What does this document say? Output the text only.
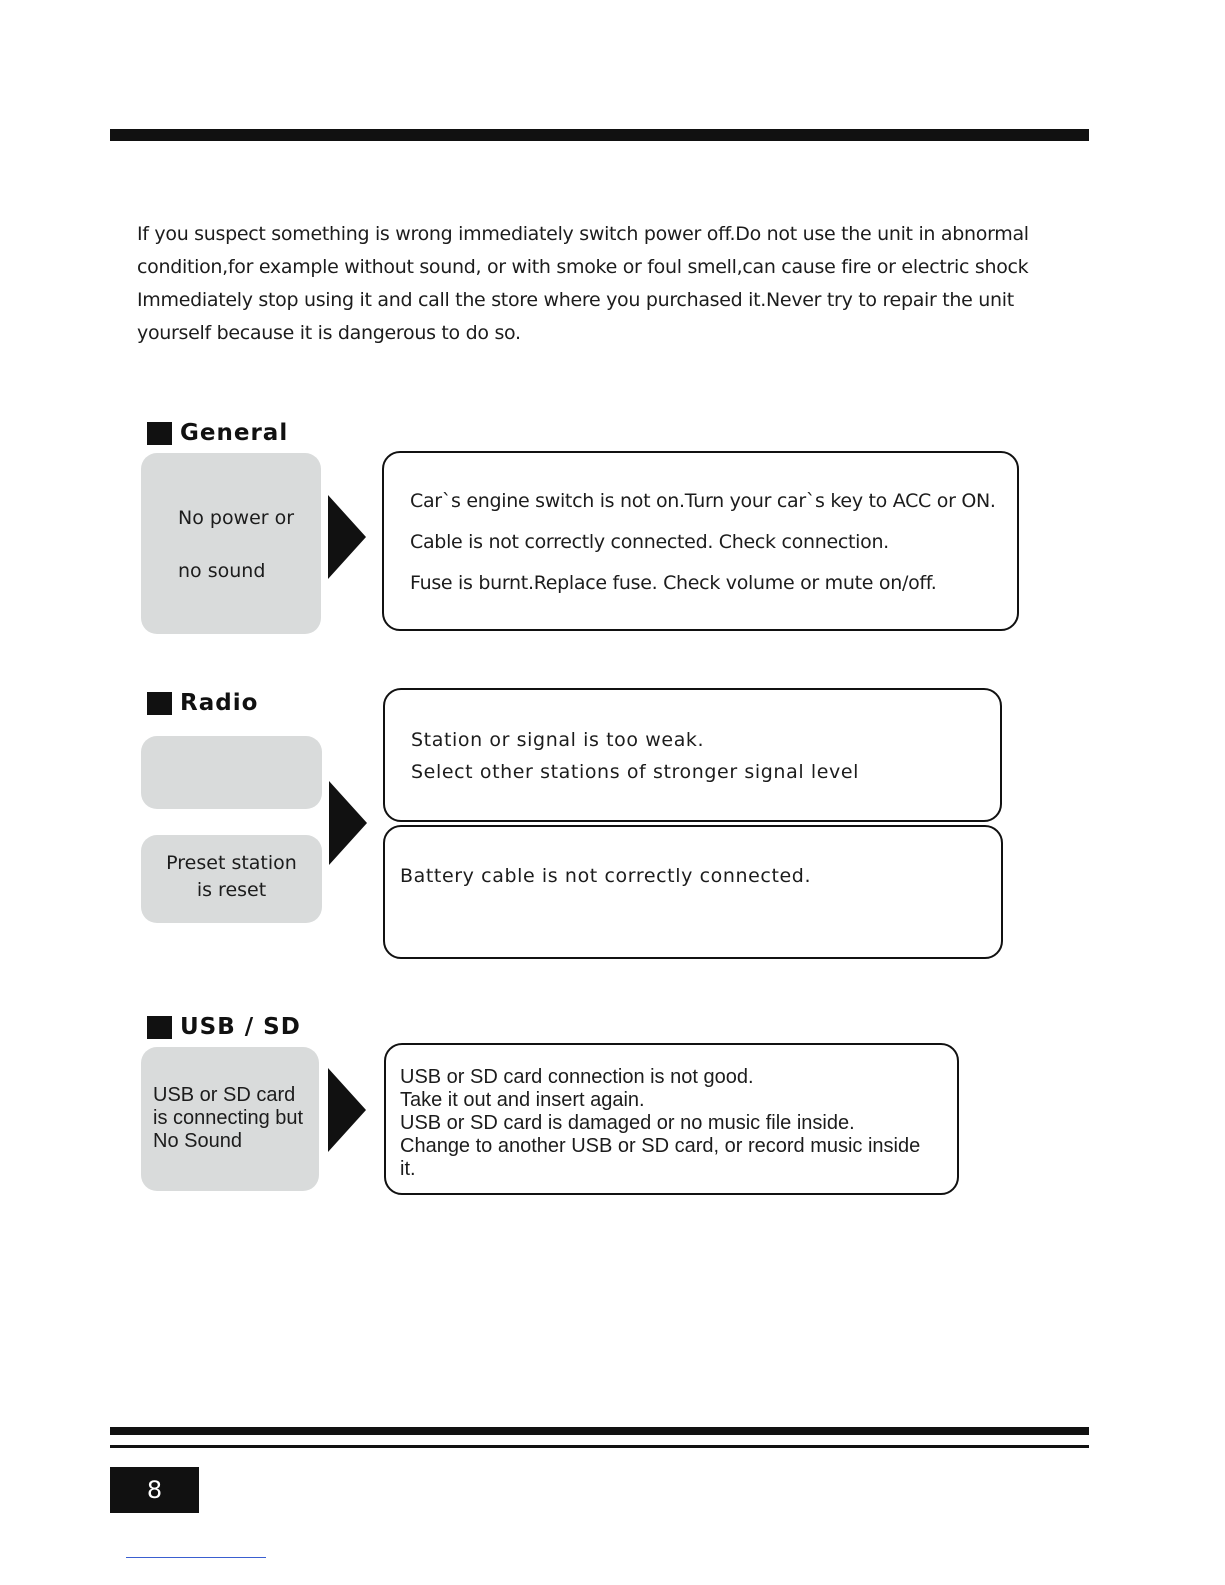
If you suspect something is wrong immediately switch power off.Do not use the unit in abnormal
condition,for example without sound, or with smoke or foul smell,can cause fire or electric shock
Immediately stop using it and call the store where you purchased it.Never try to repair the unit
yourself because it is dangerous to do so.
General
No power or
no sound
Car`s engine switch is not on.Turn your car`s key to ACC or ON.
Cable is not correctly connected. Check connection.
Fuse is burnt.Replace fuse. Check volume or mute on/off.
Radio
Preset station
is reset
Station or signal is too weak.
Select other stations of stronger signal level
Battery cable is not correctly connected.
USB / SD
USB or SD card
is connecting but
No Sound
USB or SD card connection is not good.
Take it out and insert again.
USB or SD card is damaged or no music file inside.
Change to another USB or SD card, or record music inside
it.
8
